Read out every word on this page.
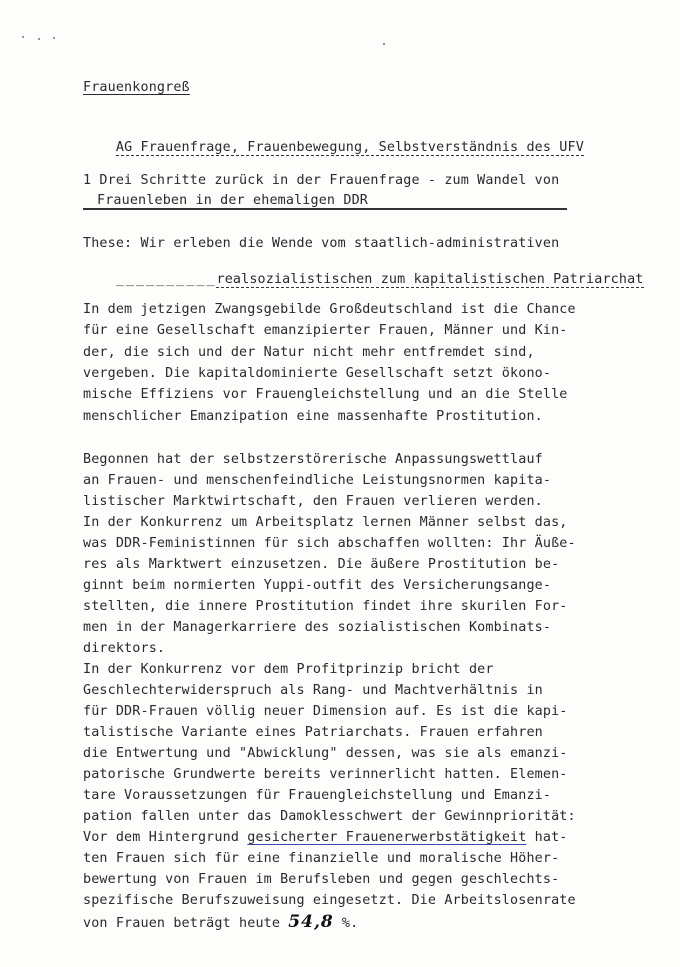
Frauenkongreß

AG Frauenfrage, Frauenbewegung, Selbstverständnis des UFV

1 Drei Schritte zurück in der Frauenfrage - zum Wandel von
Frauenleben in der ehemaligen DDR
These: Wir erleben die Wende vom staatlich-administrativen

__________realsozialistischen zum kapitalistischen Patriarchat

In dem jetzigen Zwangsgebilde Großdeutschland ist die Chance
für eine Gesellschaft emanzipierter Frauen, Männer und Kin-
der, die sich und der Natur nicht mehr entfremdet sind,
vergeben. Die kapitaldominierte Gesellschaft setzt ökono-
mische Effiziens vor Frauengleichstellung und an die Stelle
menschlicher Emanzipation eine massenhafte Prostitution.
Begonnen hat der selbstzerstörerische Anpassungswettlauf
an Frauen- und menschenfeindliche Leistungsnormen kapita-
listischer Marktwirtschaft, den Frauen verlieren werden.
In der Konkurrenz um Arbeitsplatz lernen Männer selbst das,
was DDR-Feministinnen für sich abschaffen wollten: Ihr Äuße-
res als Marktwert einzusetzen. Die äußere Prostitution be-
ginnt beim normierten Yuppi-outfit des Versicherungsange-
stellten, die innere Prostitution findet ihre skurilen For-
men in der Managerkarriere des sozialistischen Kombinats-
direktors.
In der Konkurrenz vor dem Profitprinzip bricht der
Geschlechterwiderspruch als Rang- und Machtverhältnis in
für DDR-Frauen völlig neuer Dimension auf. Es ist die kapi-
talistische Variante eines Patriarchats. Frauen erfahren
die Entwertung und "Abwicklung" dessen, was sie als emanzi-
patorische Grundwerte bereits verinnerlicht hatten. Elemen-
tare Voraussetzungen für Frauengleichstellung und Emanzi-
pation fallen unter das Damoklesschwert der Gewinnpriorität:
Vor dem Hintergrund gesicherter Frauenerwerbstätigkeit hat-
ten Frauen sich für eine finanzielle und moralische Höher-
bewertung von Frauen im Berufsleben und gegen geschlechts-
spezifische Berufszuweisung eingesetzt. Die Arbeitslosenrate
von Frauen beträgt heute 54,8 %.
